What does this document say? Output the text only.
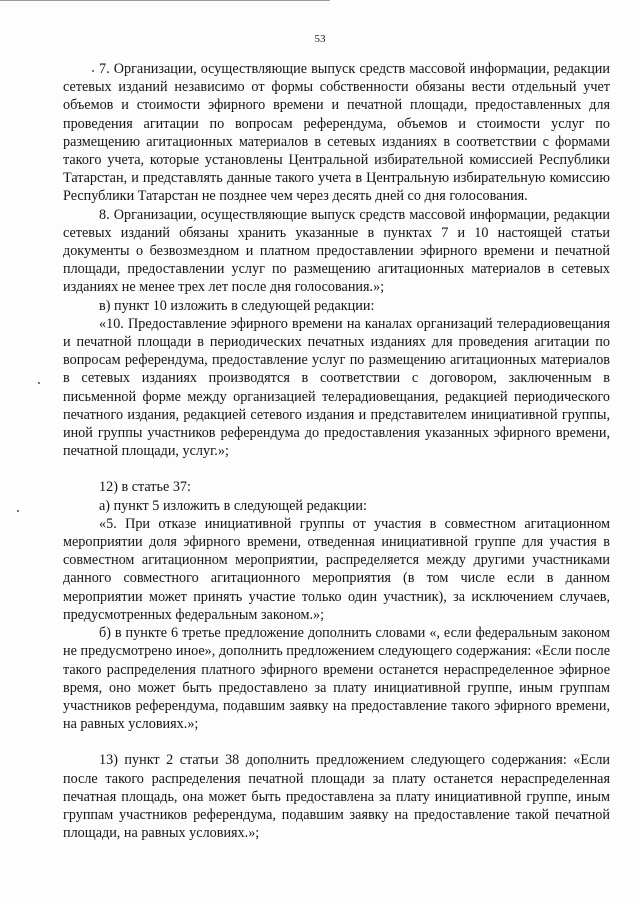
53

7. Организации, осуществляющие выпуск средств массовой информации, редакции сетевых изданий независимо от формы собственности обязаны вести отдельный учет объемов и стоимости эфирного времени и печатной площади, предоставленных для проведения агитации по вопросам референдума, объемов и стоимости услуг по размещению агитационных материалов в сетевых изданиях в соответствии с формами такого учета, которые установлены Центральной избирательной комиссией Республики Татарстан, и представлять данные такого учета в Центральную избирательную комиссию Республики Татарстан не позднее чем через десять дней со дня голосования.

8. Организации, осуществляющие выпуск средств массовой информации, редакции сетевых изданий обязаны хранить указанные в пунктах 7 и 10 настоящей статьи документы о безвозмездном и платном предоставлении эфирного времени и печатной площади, предоставлении услуг по размещению агитационных материалов в сетевых изданиях не менее трех лет после дня голосования.»;

в) пункт 10 изложить в следующей редакции:

«10. Предоставление эфирного времени на каналах организаций телерадиовещания и печатной площади в периодических печатных изданиях для проведения агитации по вопросам референдума, предоставление услуг по размещению агитационных материалов в сетевых изданиях производятся в соответствии с договором, заключенным в письменной форме между организацией телерадиовещания, редакцией периодического печатного издания, редакцией сетевого издания и представителем инициативной группы, иной группы участников референдума до предоставления указанных эфирного времени, печатной площади, услуг.»;

12) в статье 37:

а) пункт 5 изложить в следующей редакции:

«5. При отказе инициативной группы от участия в совместном агитационном мероприятии доля эфирного времени, отведенная инициативной группе для участия в совместном агитационном мероприятии, распределяется между другими участниками данного совместного агитационного мероприятия (в том числе если в данном мероприятии может принять участие только один участник), за исключением случаев, предусмотренных федеральным законом.»;

б) в пункте 6 третье предложение дополнить словами «, если федеральным законом не предусмотрено иное», дополнить предложением следующего содержания: «Если после такого распределения платного эфирного времени останется нераспределенное эфирное время, оно может быть предоставлено за плату инициативной группе, иным группам участников референдума, подавшим заявку на предоставление такого эфирного времени, на равных условиях.»;

13) пункт 2 статьи 38 дополнить предложением следующего содержания: «Если после такого распределения печатной площади за плату останется нераспределенная печатная площадь, она может быть предоставлена за плату инициативной группе, иным группам участников референдума, подавшим заявку на предоставление такой печатной площади, на равных условиях.»;
